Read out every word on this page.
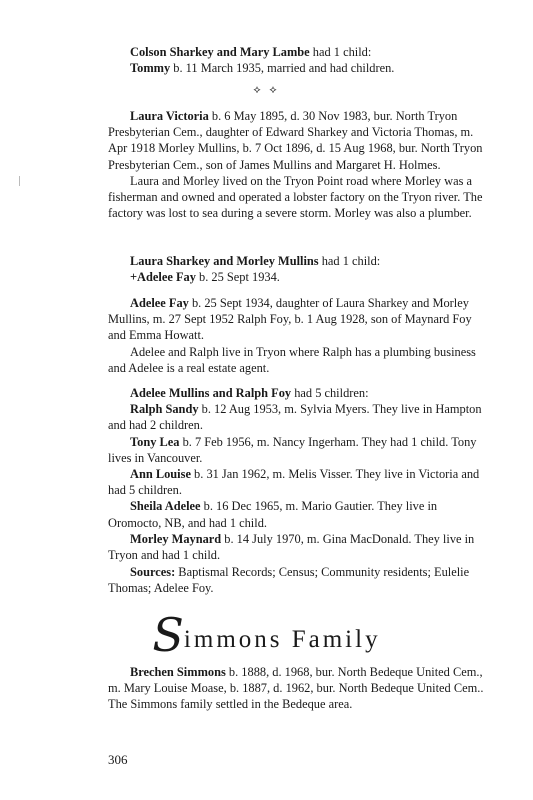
Colson Sharkey and Mary Lambe had 1 child:

Tommy b. 11 March 1935, married and had children.

⟡ ⟡

Laura Victoria b. 6 May 1895, d. 30 Nov 1983, bur. North Tryon Presbyterian Cem., daughter of Edward Sharkey and Victoria Thomas, m. Apr 1918 Morley Mullins, b. 7 Oct 1896, d. 15 Aug 1968, bur. North Tryon Presbyterian Cem., son of James Mullins and Margaret H. Holmes.

Laura and Morley lived on the Tryon Point road where Morley was a fisherman and owned and operated a lobster factory on the Tryon river. The factory was lost to sea during a severe storm. Morley was also a plumber.

Laura Sharkey and Morley Mullins had 1 child:

+Adelee Fay b. 25 Sept 1934.

Adelee Fay b. 25 Sept 1934, daughter of Laura Sharkey and Morley Mullins, m. 27 Sept 1952 Ralph Foy, b. 1 Aug 1928, son of Maynard Foy and Emma Howatt.

Adelee and Ralph live in Tryon where Ralph has a plumbing business and Adelee is a real estate agent.

Adelee Mullins and Ralph Foy had 5 children:

Ralph Sandy b. 12 Aug 1953, m. Sylvia Myers. They live in Hampton and had 2 children.

Tony Lea b. 7 Feb 1956, m. Nancy Ingerham. They had 1 child. Tony lives in Vancouver.

Ann Louise b. 31 Jan 1962, m. Melis Visser. They live in Victoria and had 5 children.

Sheila Adelee b. 16 Dec 1965, m. Mario Gautier. They live in Oromocto, NB, and had 1 child.

Morley Maynard b. 14 July 1970, m. Gina MacDonald. They live in Tryon and had 1 child.

Sources: Baptismal Records; Census; Community residents; Eulelie Thomas; Adelee Foy.

Simmons Family

Brechen Simmons b. 1888, d. 1968, bur. North Bedeque United Cem., m. Mary Louise Moase, b. 1887, d. 1962, bur. North Bedeque United Cem.. The Simmons family settled in the Bedeque area.

306
